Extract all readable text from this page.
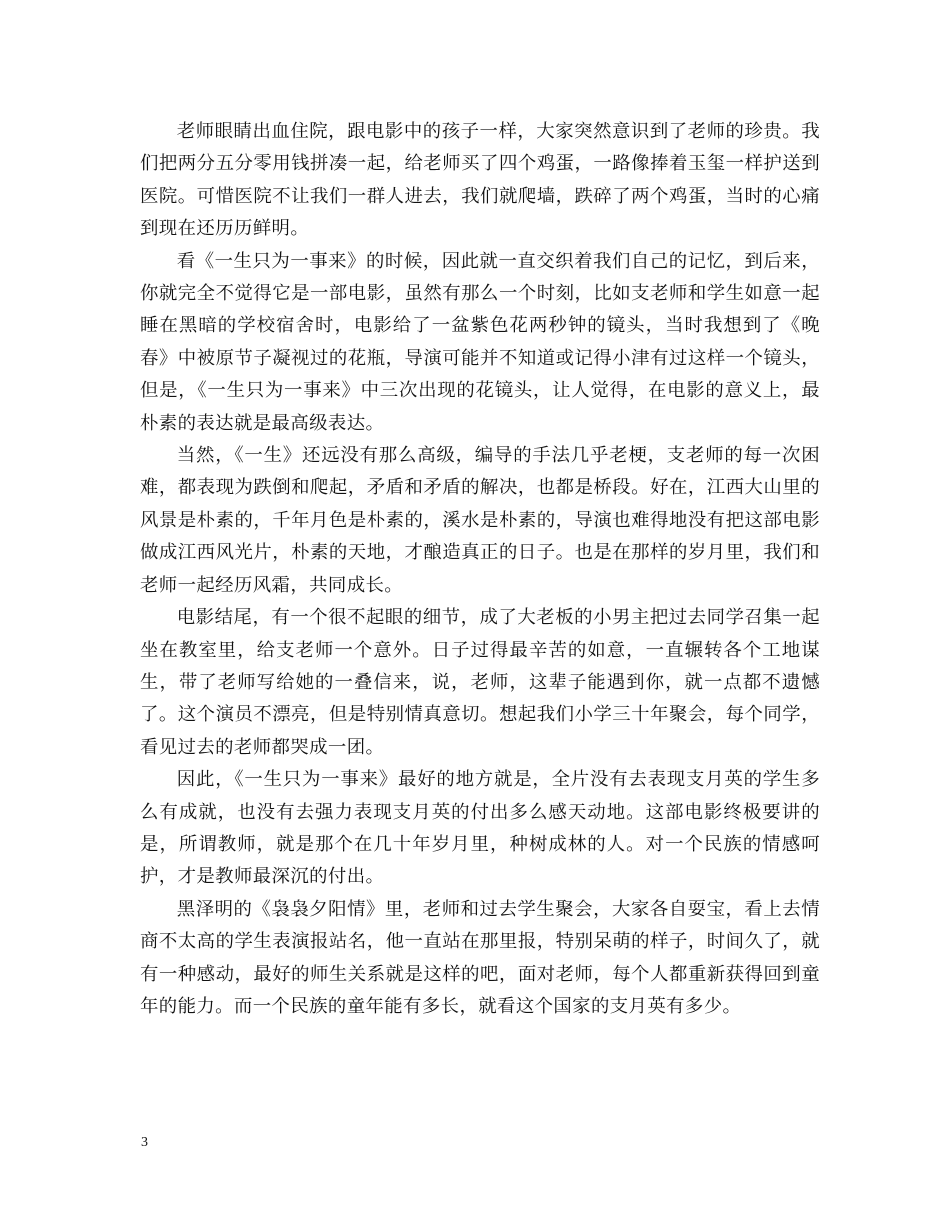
老师眼睛出血住院，跟电影中的孩子一样，大家突然意识到了老师的珍贵。我们把两分五分零用钱拼凑一起，给老师买了四个鸡蛋，一路像捧着玉玺一样护送到医院。可惜医院不让我们一群人进去，我们就爬墙，跌碎了两个鸡蛋，当时的心痛到现在还历历鲜明。

看《一生只为一事来》的时候，因此就一直交织着我们自己的记忆，到后来，你就完全不觉得它是一部电影，虽然有那么一个时刻，比如支老师和学生如意一起睡在黑暗的学校宿舍时，电影给了一盆紫色花两秒钟的镜头，当时我想到了《晚春》中被原节子凝视过的花瓶，导演可能并不知道或记得小津有过这样一个镜头，但是，《一生只为一事来》中三次出现的花镜头，让人觉得，在电影的意义上，最朴素的表达就是最高级表达。

当然，《一生》还远没有那么高级，编导的手法几乎老梗，支老师的每一次困难，都表现为跌倒和爬起，矛盾和矛盾的解决，也都是桥段。好在，江西大山里的风景是朴素的，千年月色是朴素的，溪水是朴素的，导演也难得地没有把这部电影做成江西风光片，朴素的天地，才酿造真正的日子。也是在那样的岁月里，我们和老师一起经历风霜，共同成长。

电影结尾，有一个很不起眼的细节，成了大老板的小男主把过去同学召集一起坐在教室里，给支老师一个意外。日子过得最辛苦的如意，一直辗转各个工地谋生，带了老师写给她的一叠信来，说，老师，这辈子能遇到你，就一点都不遗憾了。这个演员不漂亮，但是特别情真意切。想起我们小学三十年聚会，每个同学，看见过去的老师都哭成一团。

因此，《一生只为一事来》最好的地方就是，全片没有去表现支月英的学生多么有成就，也没有去强力表现支月英的付出多么感天动地。这部电影终极要讲的是，所谓教师，就是那个在几十年岁月里，种树成林的人。对一个民族的情感呵护，才是教师最深沉的付出。

黑泽明的《袅袅夕阳情》里，老师和过去学生聚会，大家各自耍宝，看上去情商不太高的学生表演报站名，他一直站在那里报，特别呆萌的样子，时间久了，就有一种感动，最好的师生关系就是这样的吧，面对老师，每个人都重新获得回到童年的能力。而一个民族的童年能有多长，就看这个国家的支月英有多少。

3
